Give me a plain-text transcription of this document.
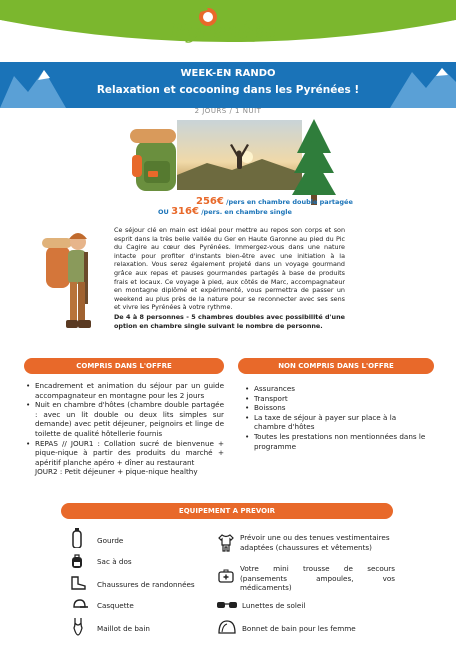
Pyrénées
WEEK-EN RANDO
Relaxation et cocooning dans les Pyrénées !
2 JOURS / 1 NUIT
256€ /pers en chambre double partagée
OU 316€ /pers. en chambre single
Ce séjour clé en main est idéal pour mettre au repos son corps et son esprit dans la très belle vallée du Ger en Haute Garonne au pied du Pic du Cagire au cœur des Pyrénées. Immergez-vous dans une nature intacte pour profiter d'instants bien-être avec une initiation à la relaxation. Vous serez également projeté dans un voyage gourmand grâce aux repas et pauses gourmandes partagés à base de produits frais et locaux. Ce voyage à pied, aux côtés de Marc, accompagnateur en montagne diplômé et expérimenté, vous permettra de passer un weekend au plus près de la nature pour se reconnecter avec ses sens et vivre les Pyrénées à votre rythme.
De 4 à 8 personnes - 5 chambres doubles avec possibilité d'une option en chambre single suivant le nombre de personne.
COMPRIS DANS L'OFFRE	NON COMPRIS DANS L'OFFRE
• Encadrement et animation du séjour par un guide accompagnateur en montagne pour les 2 jours
• Nuit en chambre d'hôtes (chambre double partagée : avec un lit double ou deux lits simples sur demande) avec petit déjeuner, peignoirs et linge de toilette de qualité hôtellerie fournis
• REPAS // JOUR1 : Collation sucré de bienvenue + pique-nique à partir des produits du marché + apéritif planche apéro + dîner au restaurant
JOUR2 : Petit déjeuner + pique-nique healthy
• Assurances
• Transport
• Boissons
• La taxe de séjour à payer sur place à la chambre d'hôtes
• Toutes les prestations non mentionnées dans le programme
EQUIPEMENT A PREVOIR
Gourde
Sac à dos
Chaussures de randonnées
Casquette
Maillot de bain
Prévoir une ou des tenues vestimentaires adaptées (chaussures et vêtements)
Votre mini trousse de secours (pansements ampoules, vos médicaments)
Lunettes de soleil
Bonnet de bain pour les femme
